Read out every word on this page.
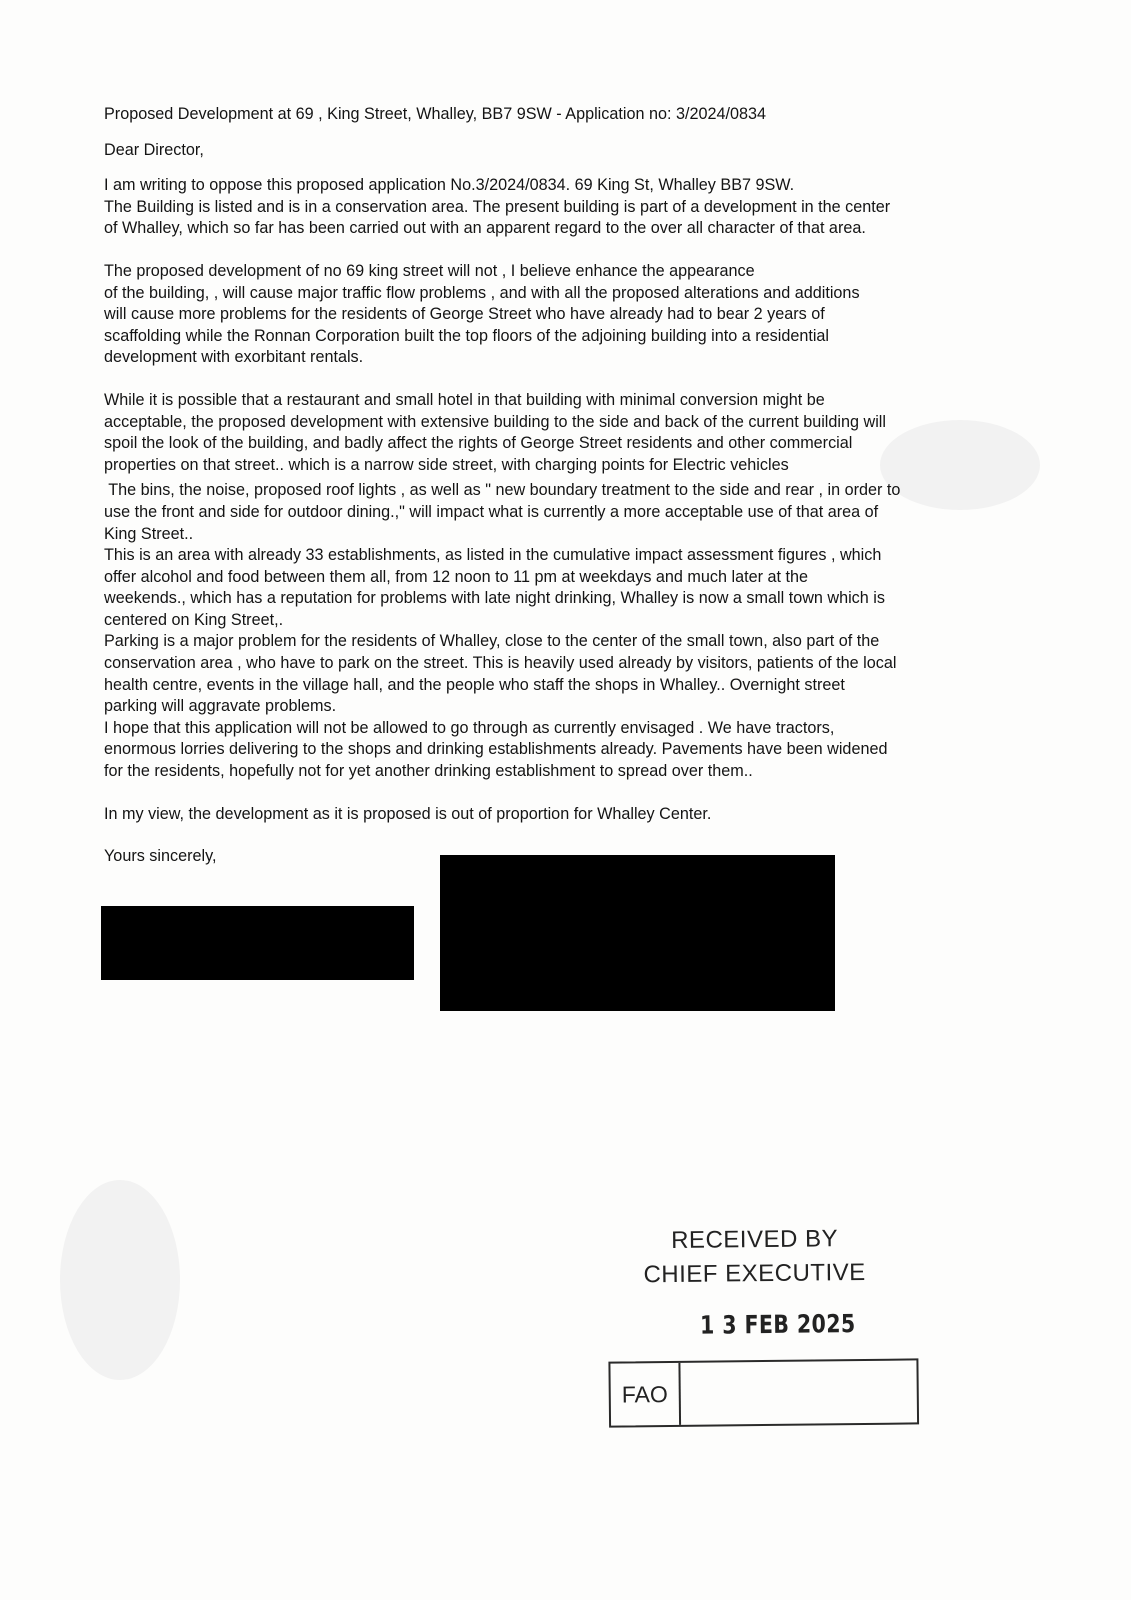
Proposed Development at 69 , King Street, Whalley, BB7 9SW - Application no: 3/2024/0834

Dear Director,

I am writing to oppose this proposed application No.3/2024/0834. 69 King St, Whalley BB7 9SW.

The Building is listed and is in a conservation area. The present building is part of a development in the center

of Whalley, which so far has been carried out with an apparent regard to the over all character of that area.

The proposed development of no 69 king street will not , I believe enhance the appearance

of the building, , will cause major traffic flow problems , and with all the proposed alterations and additions

will cause more problems for the residents of George Street who have already had to bear 2 years of

scaffolding while the Ronnan Corporation built the top floors of the adjoining building into a residential

development with exorbitant rentals.

While it is possible that a restaurant and small hotel in that building with minimal conversion might be

acceptable, the proposed development with extensive building to the side and back of the current building will

spoil the look of the building, and badly affect the rights of George Street residents and other commercial

properties on that street.. which is a narrow side street, with charging points for Electric vehicles

The bins, the noise, proposed roof lights , as well as " new boundary treatment to the side and rear , in order to

use the front and side for outdoor dining.," will impact what is currently a more acceptable use of that area of

King Street..

This is an area with already 33 establishments, as listed in the cumulative impact assessment figures , which

offer alcohol and food between them all, from 12 noon to 11 pm at weekdays and much later at the

weekends., which has a reputation for problems with late night drinking, Whalley is now a small town which is

centered on King Street,.

Parking is a major problem for the residents of Whalley, close to the center of the small town, also part of the

conservation area , who have to park on the street. This is heavily used already by visitors, patients of the local

health centre, events in the village hall, and the people who staff the shops in Whalley.. Overnight street

parking will aggravate problems.

I hope that this application will not be allowed to go through as currently envisaged . We have tractors,

enormous lorries delivering to the shops and drinking establishments already. Pavements have been widened

for the residents, hopefully not for yet another drinking establishment to spread over them..

In my view, the development as it is proposed is out of proportion for Whalley Center.

Yours sincerely,

RECEIVED BY
CHIEF EXECUTIVE
1 3 FEB 2025
FAO
